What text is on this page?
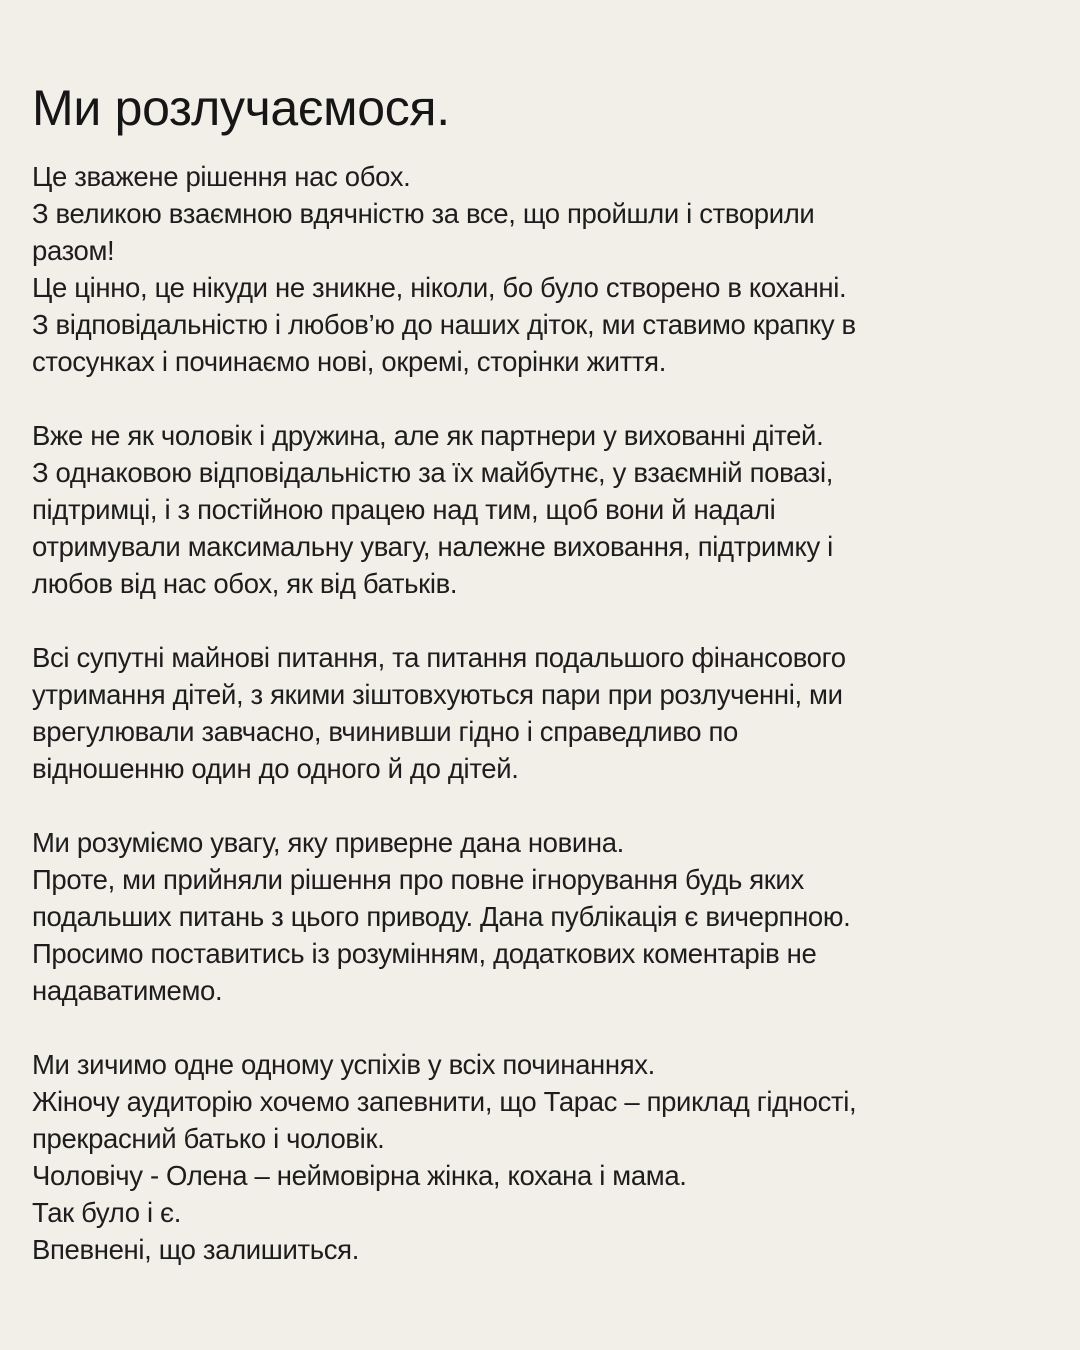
Ми розлучаємося.

Це зважене рішення нас обох.
З великою взаємною вдячністю за все, що пройшли і створили
разом!
Це цінно, це нікуди не зникне, ніколи, бо було створено в коханні.
З відповідальністю і любов’ю до наших діток, ми ставимо крапку в
стосунках і починаємо нові, окремі, сторінки життя.

Вже не як чоловік і дружина, але як партнери у вихованні дітей.
З однаковою відповідальністю за їх майбутнє, у взаємній повазі,
підтримці, і з постійною працею над тим, щоб вони й надалі
отримували максимальну увагу, належне виховання, підтримку і
любов від нас обох, як від батьків.

Всі супутні майнові питання, та питання подальшого фінансового
утримання дітей, з якими зіштовхуються пари при розлученні, ми
врегулювали завчасно, вчинивши гідно і справедливо по
відношенню один до одного й до дітей.

Ми розуміємо увагу, яку приверне дана новина.
Проте, ми прийняли рішення про повне ігнорування будь яких
подальших питань з цього приводу. Дана публікація є вичерпною.
Просимо поставитись із розумінням, додаткових коментарів не
надаватимемо.

Ми зичимо одне одному успіхів у всіх починаннях.
Жіночу аудиторію хочемо запевнити, що Тарас – приклад гідності,
прекрасний батько і чоловік.
Чоловічу - Олена – неймовірна жінка, кохана і мама.
Так було і є.
Впевнені, що залишиться.
